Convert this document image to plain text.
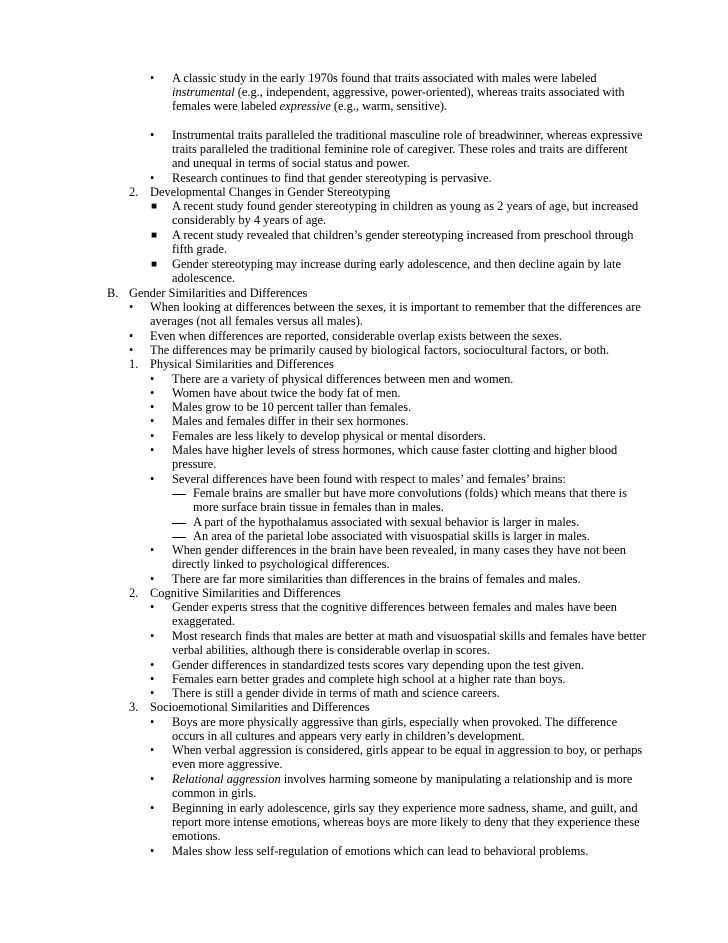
• A classic study in the early 1970s found that traits associated with males were labeled instrumental (e.g., independent, aggressive, power-oriented), whereas traits associated with females were labeled expressive (e.g., warm, sensitive).
• Instrumental traits paralleled the traditional masculine role of breadwinner, whereas expressive traits paralleled the traditional feminine role of caregiver. These roles and traits are different and unequal in terms of social status and power.
• Research continues to find that gender stereotyping is pervasive.
2. Developmental Changes in Gender Stereotyping
■ A recent study found gender stereotyping in children as young as 2 years of age, but increased considerably by 4 years of age.
■ A recent study revealed that children’s gender stereotyping increased from preschool through fifth grade.
■ Gender stereotyping may increase during early adolescence, and then decline again by late adolescence.
B. Gender Similarities and Differences
• When looking at differences between the sexes, it is important to remember that the differences are averages (not all females versus all males).
• Even when differences are reported, considerable overlap exists between the sexes.
• The differences may be primarily caused by biological factors, sociocultural factors, or both.
1. Physical Similarities and Differences
• There are a variety of physical differences between men and women.
• Women have about twice the body fat of men.
• Males grow to be 10 percent taller than females.
• Males and females differ in their sex hormones.
• Females are less likely to develop physical or mental disorders.
• Males have higher levels of stress hormones, which cause faster clotting and higher blood pressure.
• Several differences have been found with respect to males’ and females’ brains:
Female brains are smaller but have more convolutions (folds) which means that there is more surface brain tissue in females than in males.
A part of the hypothalamus associated with sexual behavior is larger in males.
An area of the parietal lobe associated with visuospatial skills is larger in males.
• When gender differences in the brain have been revealed, in many cases they have not been directly linked to psychological differences.
• There are far more similarities than differences in the brains of females and males.
2. Cognitive Similarities and Differences
• Gender experts stress that the cognitive differences between females and males have been exaggerated.
• Most research finds that males are better at math and visuospatial skills and females have better verbal abilities, although there is considerable overlap in scores.
• Gender differences in standardized tests scores vary depending upon the test given.
• Females earn better grades and complete high school at a higher rate than boys.
• There is still a gender divide in terms of math and science careers.
3. Socioemotional Similarities and Differences
• Boys are more physically aggressive than girls, especially when provoked. The difference occurs in all cultures and appears very early in children’s development.
• When verbal aggression is considered, girls appear to be equal in aggression to boy, or perhaps even more aggressive.
• Relational aggression involves harming someone by manipulating a relationship and is more common in girls.
• Beginning in early adolescence, girls say they experience more sadness, shame, and guilt, and report more intense emotions, whereas boys are more likely to deny that they experience these emotions.
• Males show less self-regulation of emotions which can lead to behavioral problems.
